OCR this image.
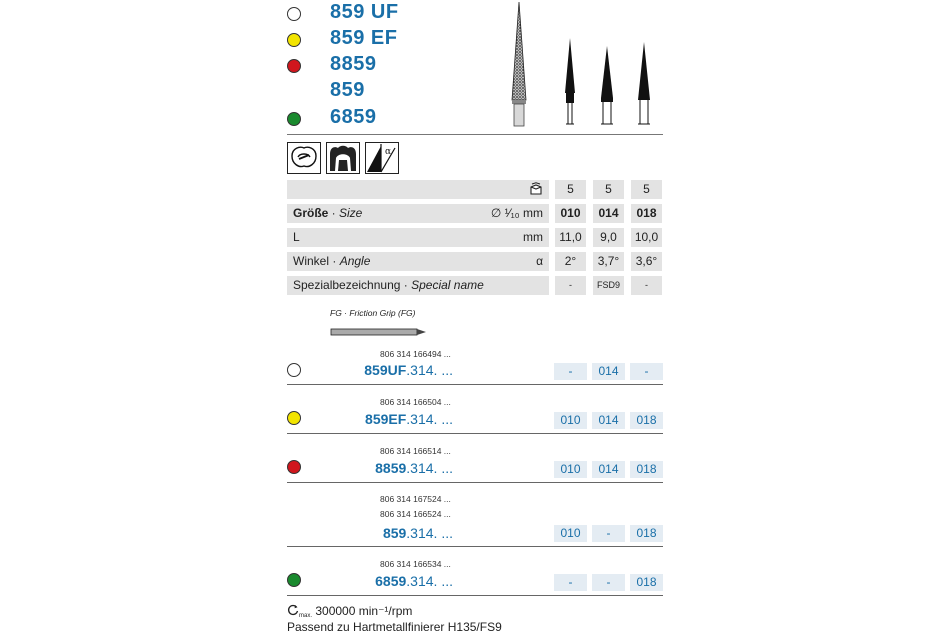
859 UF
859 EF
8859
859
6859
α
5	5	5
Größe · Size	∅ ¹⁄₁₀ mm	010	014	018
L	mm	11,0	9,0	10,0
Winkel · Angle	α	2°	3,7°	3,6°
Spezialbezeichnung · Special name	-	FSD9	-
FG · Friction Grip (FG)
806 314 166494 ...
859UF.314. ...	-	014	-
806 314 166504 ...
859EF.314. ...	010	014	018
806 314 166514 ...
8859.314. ...	010	014	018
806 314 167524 ...
806 314 166524 ...
859.314. ...	010	-	018
806 314 166534 ...
6859.314. ...	-	-	018
max. 300000 min⁻¹/rpm
Passend zu Hartmetallfinierer H135/FS9
